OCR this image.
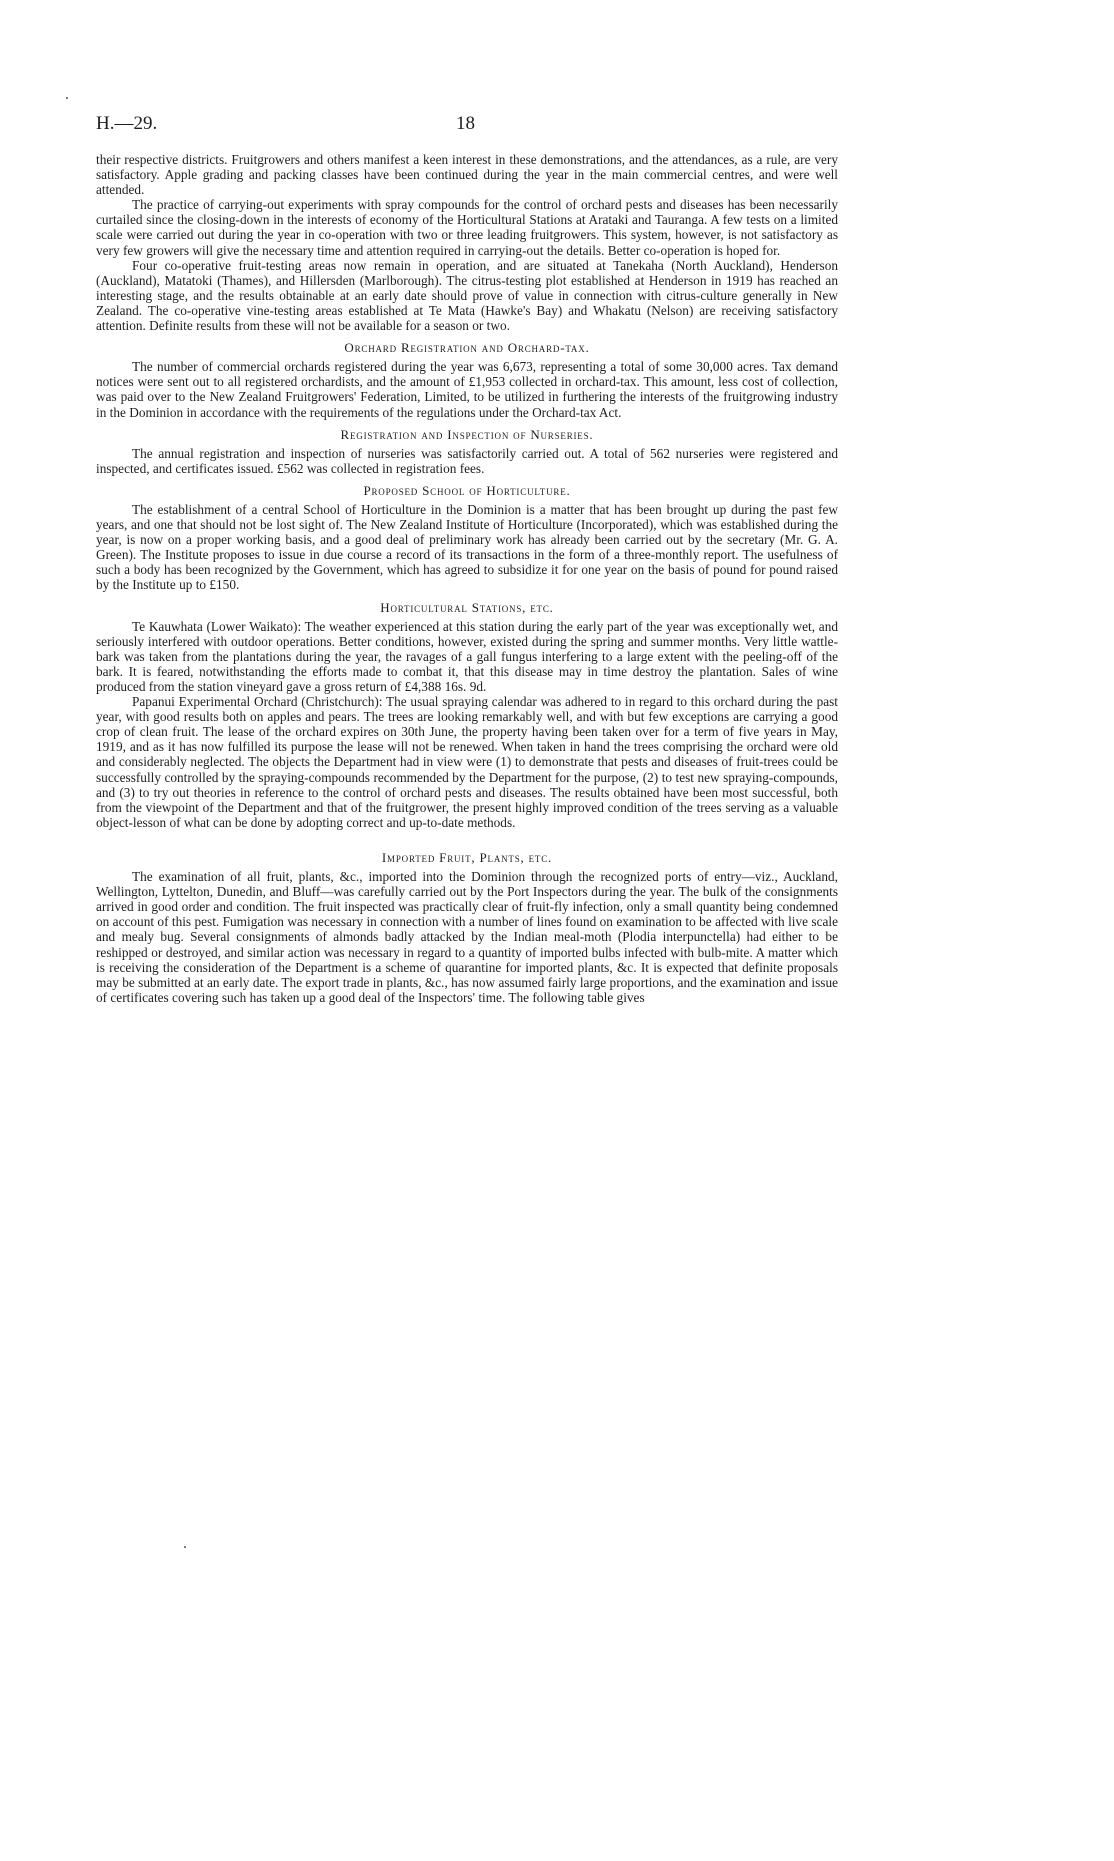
H.—29.	18

their respective districts. Fruitgrowers and others manifest a keen interest in these demonstrations, and the attendances, as a rule, are very satisfactory. Apple grading and packing classes have been continued during the year in the main commercial centres, and were well attended.

The practice of carrying-out experiments with spray compounds for the control of orchard pests and diseases has been necessarily curtailed since the closing-down in the interests of economy of the Horticultural Stations at Arataki and Tauranga. A few tests on a limited scale were carried out during the year in co-operation with two or three leading fruitgrowers. This system, however, is not satisfactory as very few growers will give the necessary time and attention required in carrying-out the details. Better co-operation is hoped for.

Four co-operative fruit-testing areas now remain in operation, and are situated at Tanekaha (North Auckland), Henderson (Auckland), Matatoki (Thames), and Hillersden (Marlborough). The citrus-testing plot established at Henderson in 1919 has reached an interesting stage, and the results obtainable at an early date should prove of value in connection with citrus-culture generally in New Zealand. The co-operative vine-testing areas established at Te Mata (Hawke's Bay) and Whakatu (Nelson) are receiving satisfactory attention. Definite results from these will not be available for a season or two.

Orchard Registration and Orchard-tax.

The number of commercial orchards registered during the year was 6,673, representing a total of some 30,000 acres. Tax demand notices were sent out to all registered orchardists, and the amount of £1,953 collected in orchard-tax. This amount, less cost of collection, was paid over to the New Zealand Fruitgrowers' Federation, Limited, to be utilized in furthering the interests of the fruitgrowing industry in the Dominion in accordance with the requirements of the regulations under the Orchard-tax Act.

Registration and Inspection of Nurseries.

The annual registration and inspection of nurseries was satisfactorily carried out. A total of 562 nurseries were registered and inspected, and certificates issued. £562 was collected in registration fees.

Proposed School of Horticulture.

The establishment of a central School of Horticulture in the Dominion is a matter that has been brought up during the past few years, and one that should not be lost sight of. The New Zealand Institute of Horticulture (Incorporated), which was established during the year, is now on a proper working basis, and a good deal of preliminary work has already been carried out by the secretary (Mr. G. A. Green). The Institute proposes to issue in due course a record of its transactions in the form of a three-monthly report. The usefulness of such a body has been recognized by the Government, which has agreed to subsidize it for one year on the basis of pound for pound raised by the Institute up to £150.

Horticultural Stations, etc.

Te Kauwhata (Lower Waikato): The weather experienced at this station during the early part of the year was exceptionally wet, and seriously interfered with outdoor operations. Better conditions, however, existed during the spring and summer months. Very little wattle-bark was taken from the plantations during the year, the ravages of a gall fungus interfering to a large extent with the peeling-off of the bark. It is feared, notwithstanding the efforts made to combat it, that this disease may in time destroy the plantation. Sales of wine produced from the station vineyard gave a gross return of £4,388 16s. 9d.

Papanui Experimental Orchard (Christchurch): The usual spraying calendar was adhered to in regard to this orchard during the past year, with good results both on apples and pears. The trees are looking remarkably well, and with but few exceptions are carrying a good crop of clean fruit. The lease of the orchard expires on 30th June, the property having been taken over for a term of five years in May, 1919, and as it has now fulfilled its purpose the lease will not be renewed. When taken in hand the trees comprising the orchard were old and considerably neglected. The objects the Department had in view were (1) to demonstrate that pests and diseases of fruit-trees could be successfully controlled by the spraying-compounds recommended by the Department for the purpose, (2) to test new spraying-compounds, and (3) to try out theories in reference to the control of orchard pests and diseases. The results obtained have been most successful, both from the viewpoint of the Department and that of the fruitgrower, the present highly improved condition of the trees serving as a valuable object-lesson of what can be done by adopting correct and up-to-date methods.

Imported Fruit, Plants, etc.

The examination of all fruit, plants, &c., imported into the Dominion through the recognized ports of entry—viz., Auckland, Wellington, Lyttelton, Dunedin, and Bluff—was carefully carried out by the Port Inspectors during the year. The bulk of the consignments arrived in good order and condition. The fruit inspected was practically clear of fruit-fly infection, only a small quantity being condemned on account of this pest. Fumigation was necessary in connection with a number of lines found on examination to be affected with live scale and mealy bug. Several consignments of almonds badly attacked by the Indian meal-moth (Plodia interpunctella) had either to be reshipped or destroyed, and similar action was necessary in regard to a quantity of imported bulbs infected with bulb-mite. A matter which is receiving the consideration of the Department is a scheme of quarantine for imported plants, &c. It is expected that definite proposals may be submitted at an early date. The export trade in plants, &c., has now assumed fairly large proportions, and the examination and issue of certificates covering such has taken up a good deal of the Inspectors' time. The following table gives
